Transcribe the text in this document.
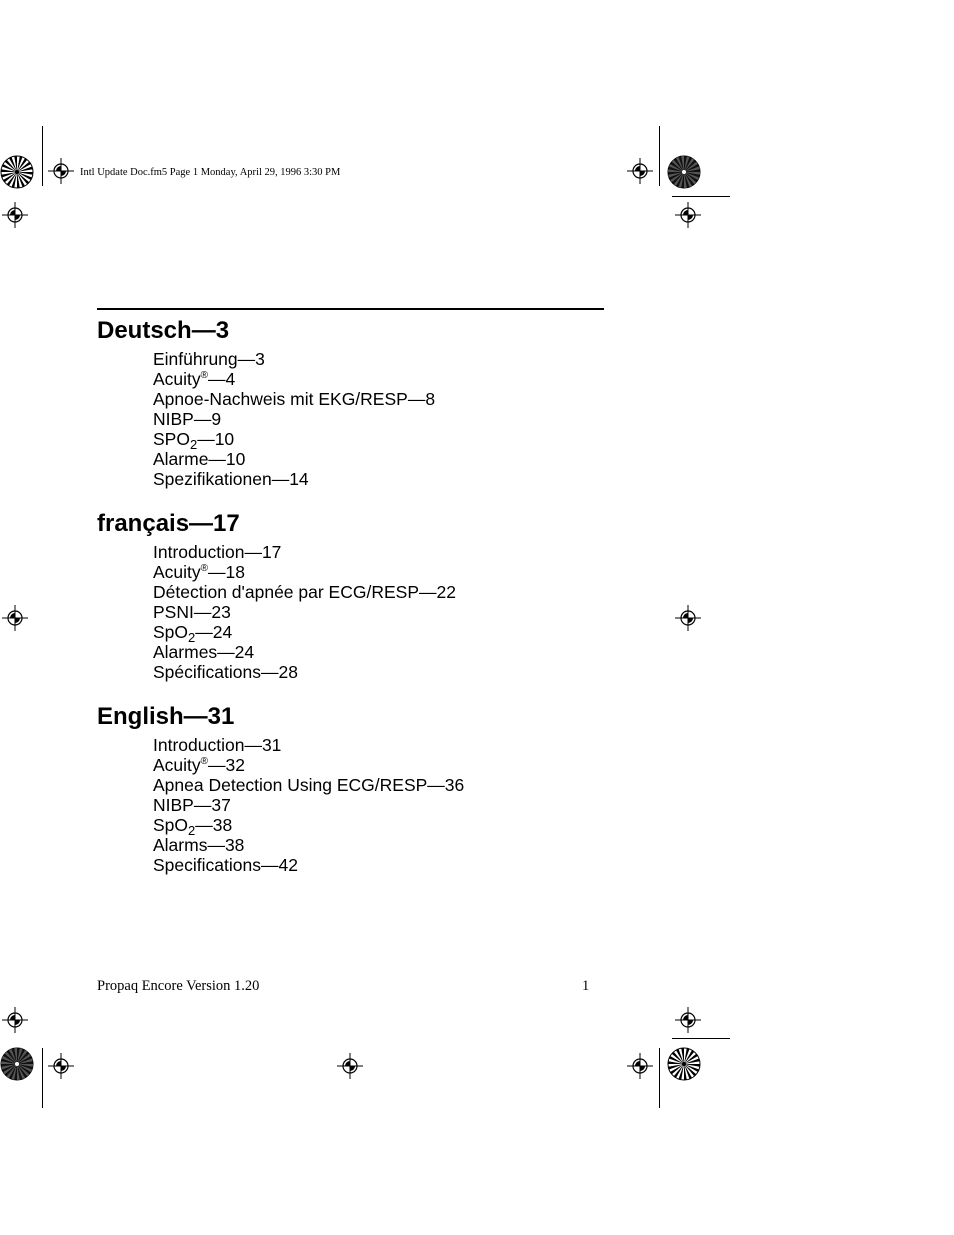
Intl Update Doc.fm5 Page 1 Monday, April 29, 1996 3:30 PM
Deutsch—3
Einführung—3
Acuity®—4
Apnoe-Nachweis mit EKG/RESP—8
NIBP—9
$SPO_2—10$
Alarme—10
Spezifikationen—14
français—17
Introduction—17
Acuity®—18
Détection d'apnée par ECG/RESP—22
PSNI—23
SpO$_2$—24
Alarmes—24
Spécifications—28
English—31
Introduction—31
Acuity®—32
Apnea Detection Using ECG/RESP—36
NIBP—37
SpO$_2$—38
Alarms—38
Specifications—42
Propaq Encore Version 1.20	1
